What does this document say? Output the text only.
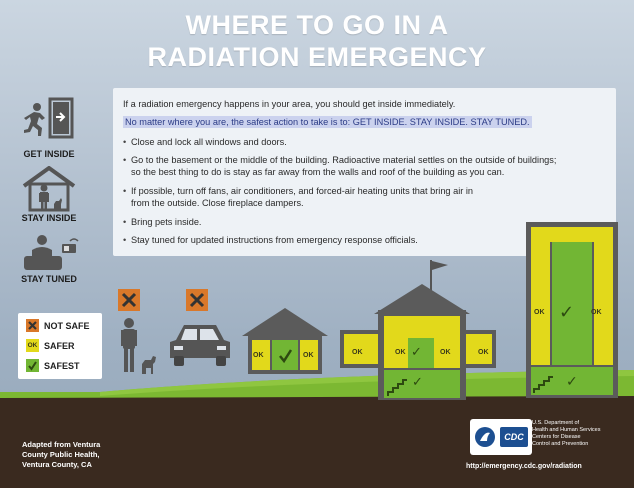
WHERE TO GO IN A
RADIATION EMERGENCY
GET INSIDE
STAY INSIDE
STAY TUNED

If a radiation emergency happens in your area, you should get inside immediately.

No matter where you are, the safest action to take is to: GET INSIDE. STAY INSIDE. STAY TUNED.

• Close and lock all windows and doors.

• Go to the basement or the middle of the building. Radioactive material settles on the outside of buildings;

so the best thing to do is stay as far away from the walls and roof of the building as you can.

• If possible, turn off fans, air conditioners, and forced-air heating units that bring air in

from the outside. Close fireplace dampers.

• Bring pets inside.

• Stay tuned for updated instructions from emergency response officials.

NOT SAFE
OK SAFER
SAFEST
OK	OK	OK	OK	OK	OK
✓
✓
OK	OK
✓
✓
Adapted from Ventura
County Public Health,
Ventura County, CA
CDC
U.S. Department of
Health and Human Services
Centers for Disease
Control and Prevention
http://emergency.cdc.gov/radiation
